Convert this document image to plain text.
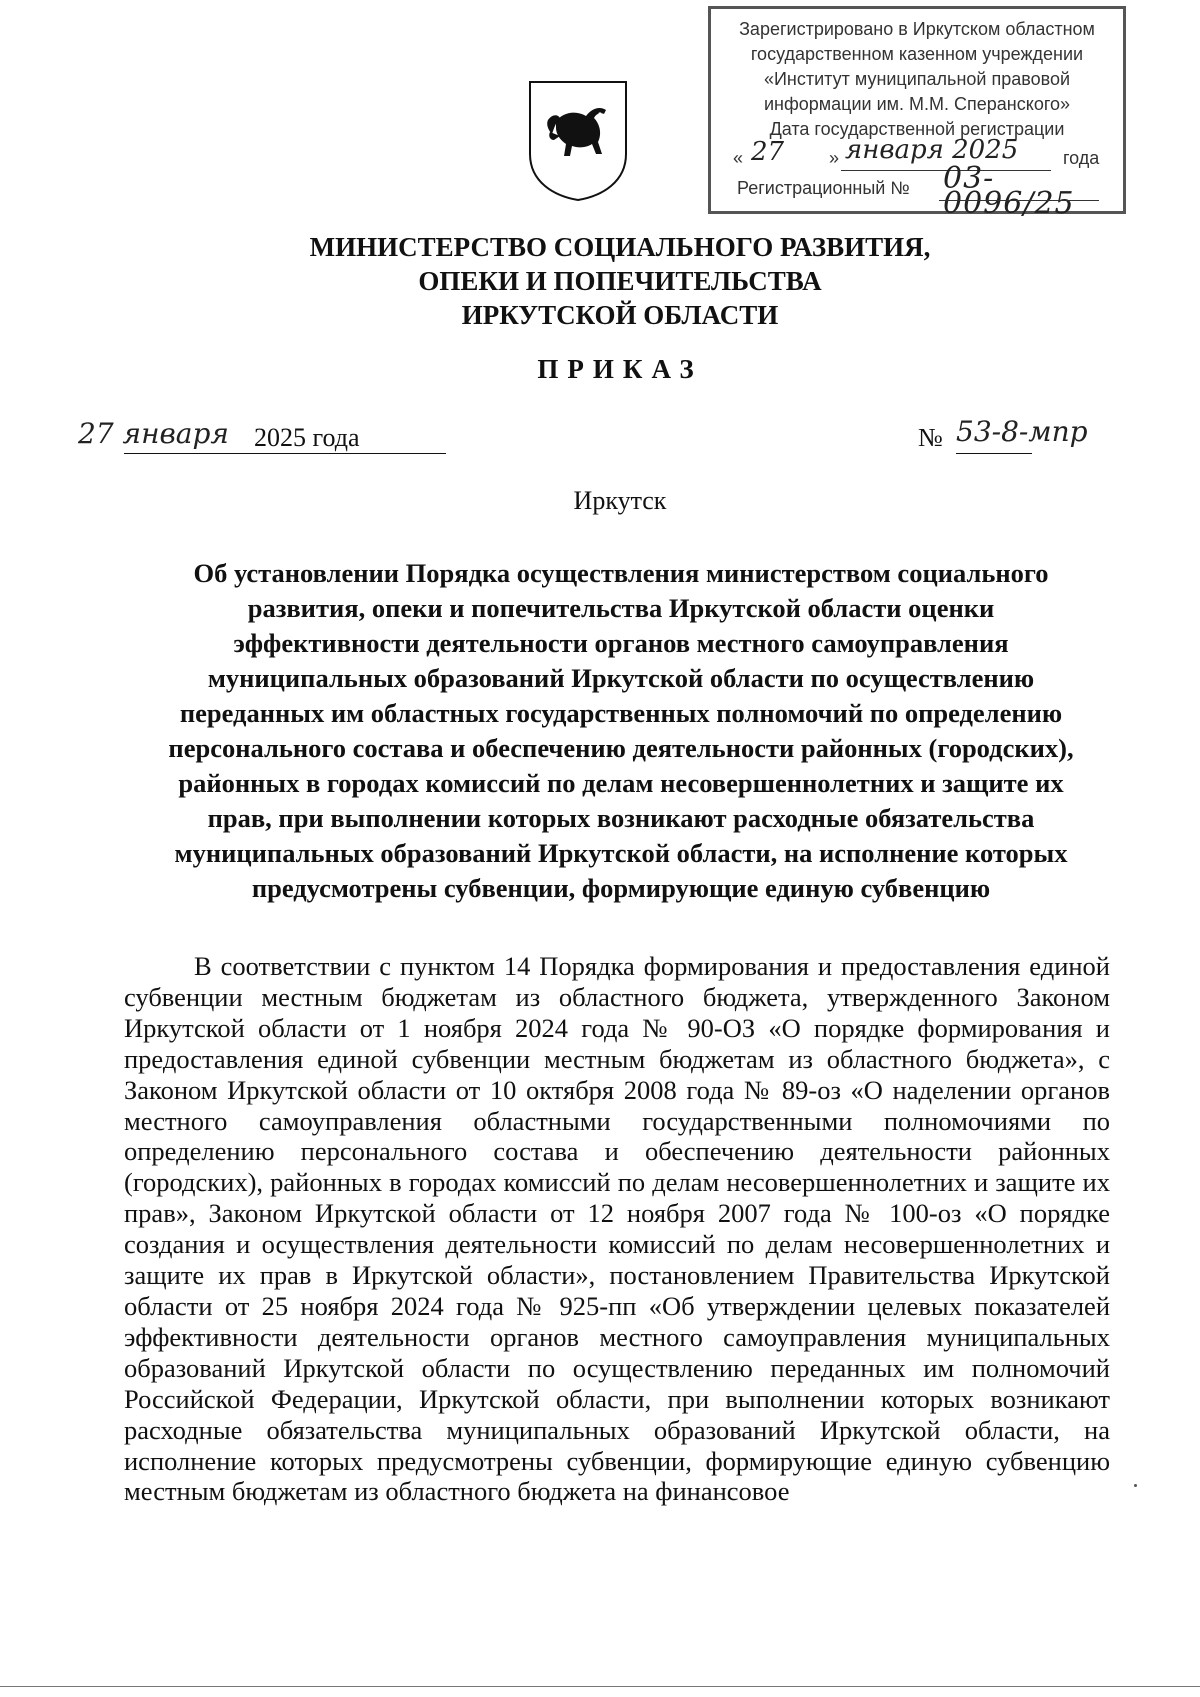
Зарегистрировано в Иркутском областном
государственном казенном учреждении
«Институт муниципальной правовой
информации им. М.М. Сперанского»
Дата государственной регистрации
« 27 » января 2025 года
Регистрационный № 03-0096/25
МИНИСТЕРСТВО СОЦИАЛЬНОГО РАЗВИТИЯ,
ОПЕКИ И ПОПЕЧИТЕЛЬСТВА
ИРКУТСКОЙ ОБЛАСТИ
ПРИКАЗ
27 января 2025 года	№ 53-8-мпр
Иркутск
Об установлении Порядка осуществления министерством социального развития, опеки и попечительства Иркутской области оценки эффективности деятельности органов местного самоуправления муниципальных образований Иркутской области по осуществлению переданных им областных государственных полномочий по определению персонального состава и обеспечению деятельности районных (городских), районных в городах комиссий по делам несовершеннолетних и защите их прав, при выполнении которых возникают расходные обязательства муниципальных образований Иркутской области, на исполнение которых предусмотрены субвенции, формирующие единую субвенцию
В соответствии с пунктом 14 Порядка формирования и предоставления единой субвенции местным бюджетам из областного бюджета, утвержденного Законом Иркутской области от 1 ноября 2024 года № 90-ОЗ «О порядке формирования и предоставления единой субвенции местным бюджетам из областного бюджета», с Законом Иркутской области от 10 октября 2008 года № 89-оз «О наделении органов местного самоуправления областными государственными полномочиями по определению персонального состава и обеспечению деятельности районных (городских), районных в городах комиссий по делам несовершеннолетних и защите их прав», Законом Иркутской области от 12 ноября 2007 года № 100-оз «О порядке создания и осуществления деятельности комиссий по делам несовершеннолетних и защите их прав в Иркутской области», постановлением Правительства Иркутской области от 25 ноября 2024 года № 925-пп «Об утверждении целевых показателей эффективности деятельности органов местного самоуправления муниципальных образований Иркутской области по осуществлению переданных им полномочий Российской Федерации, Иркутской области, при выполнении которых возникают расходные обязательства муниципальных образований Иркутской области, на исполнение которых предусмотрены субвенции, формирующие единую субвенцию местным бюджетам из областного бюджета на финансовое
